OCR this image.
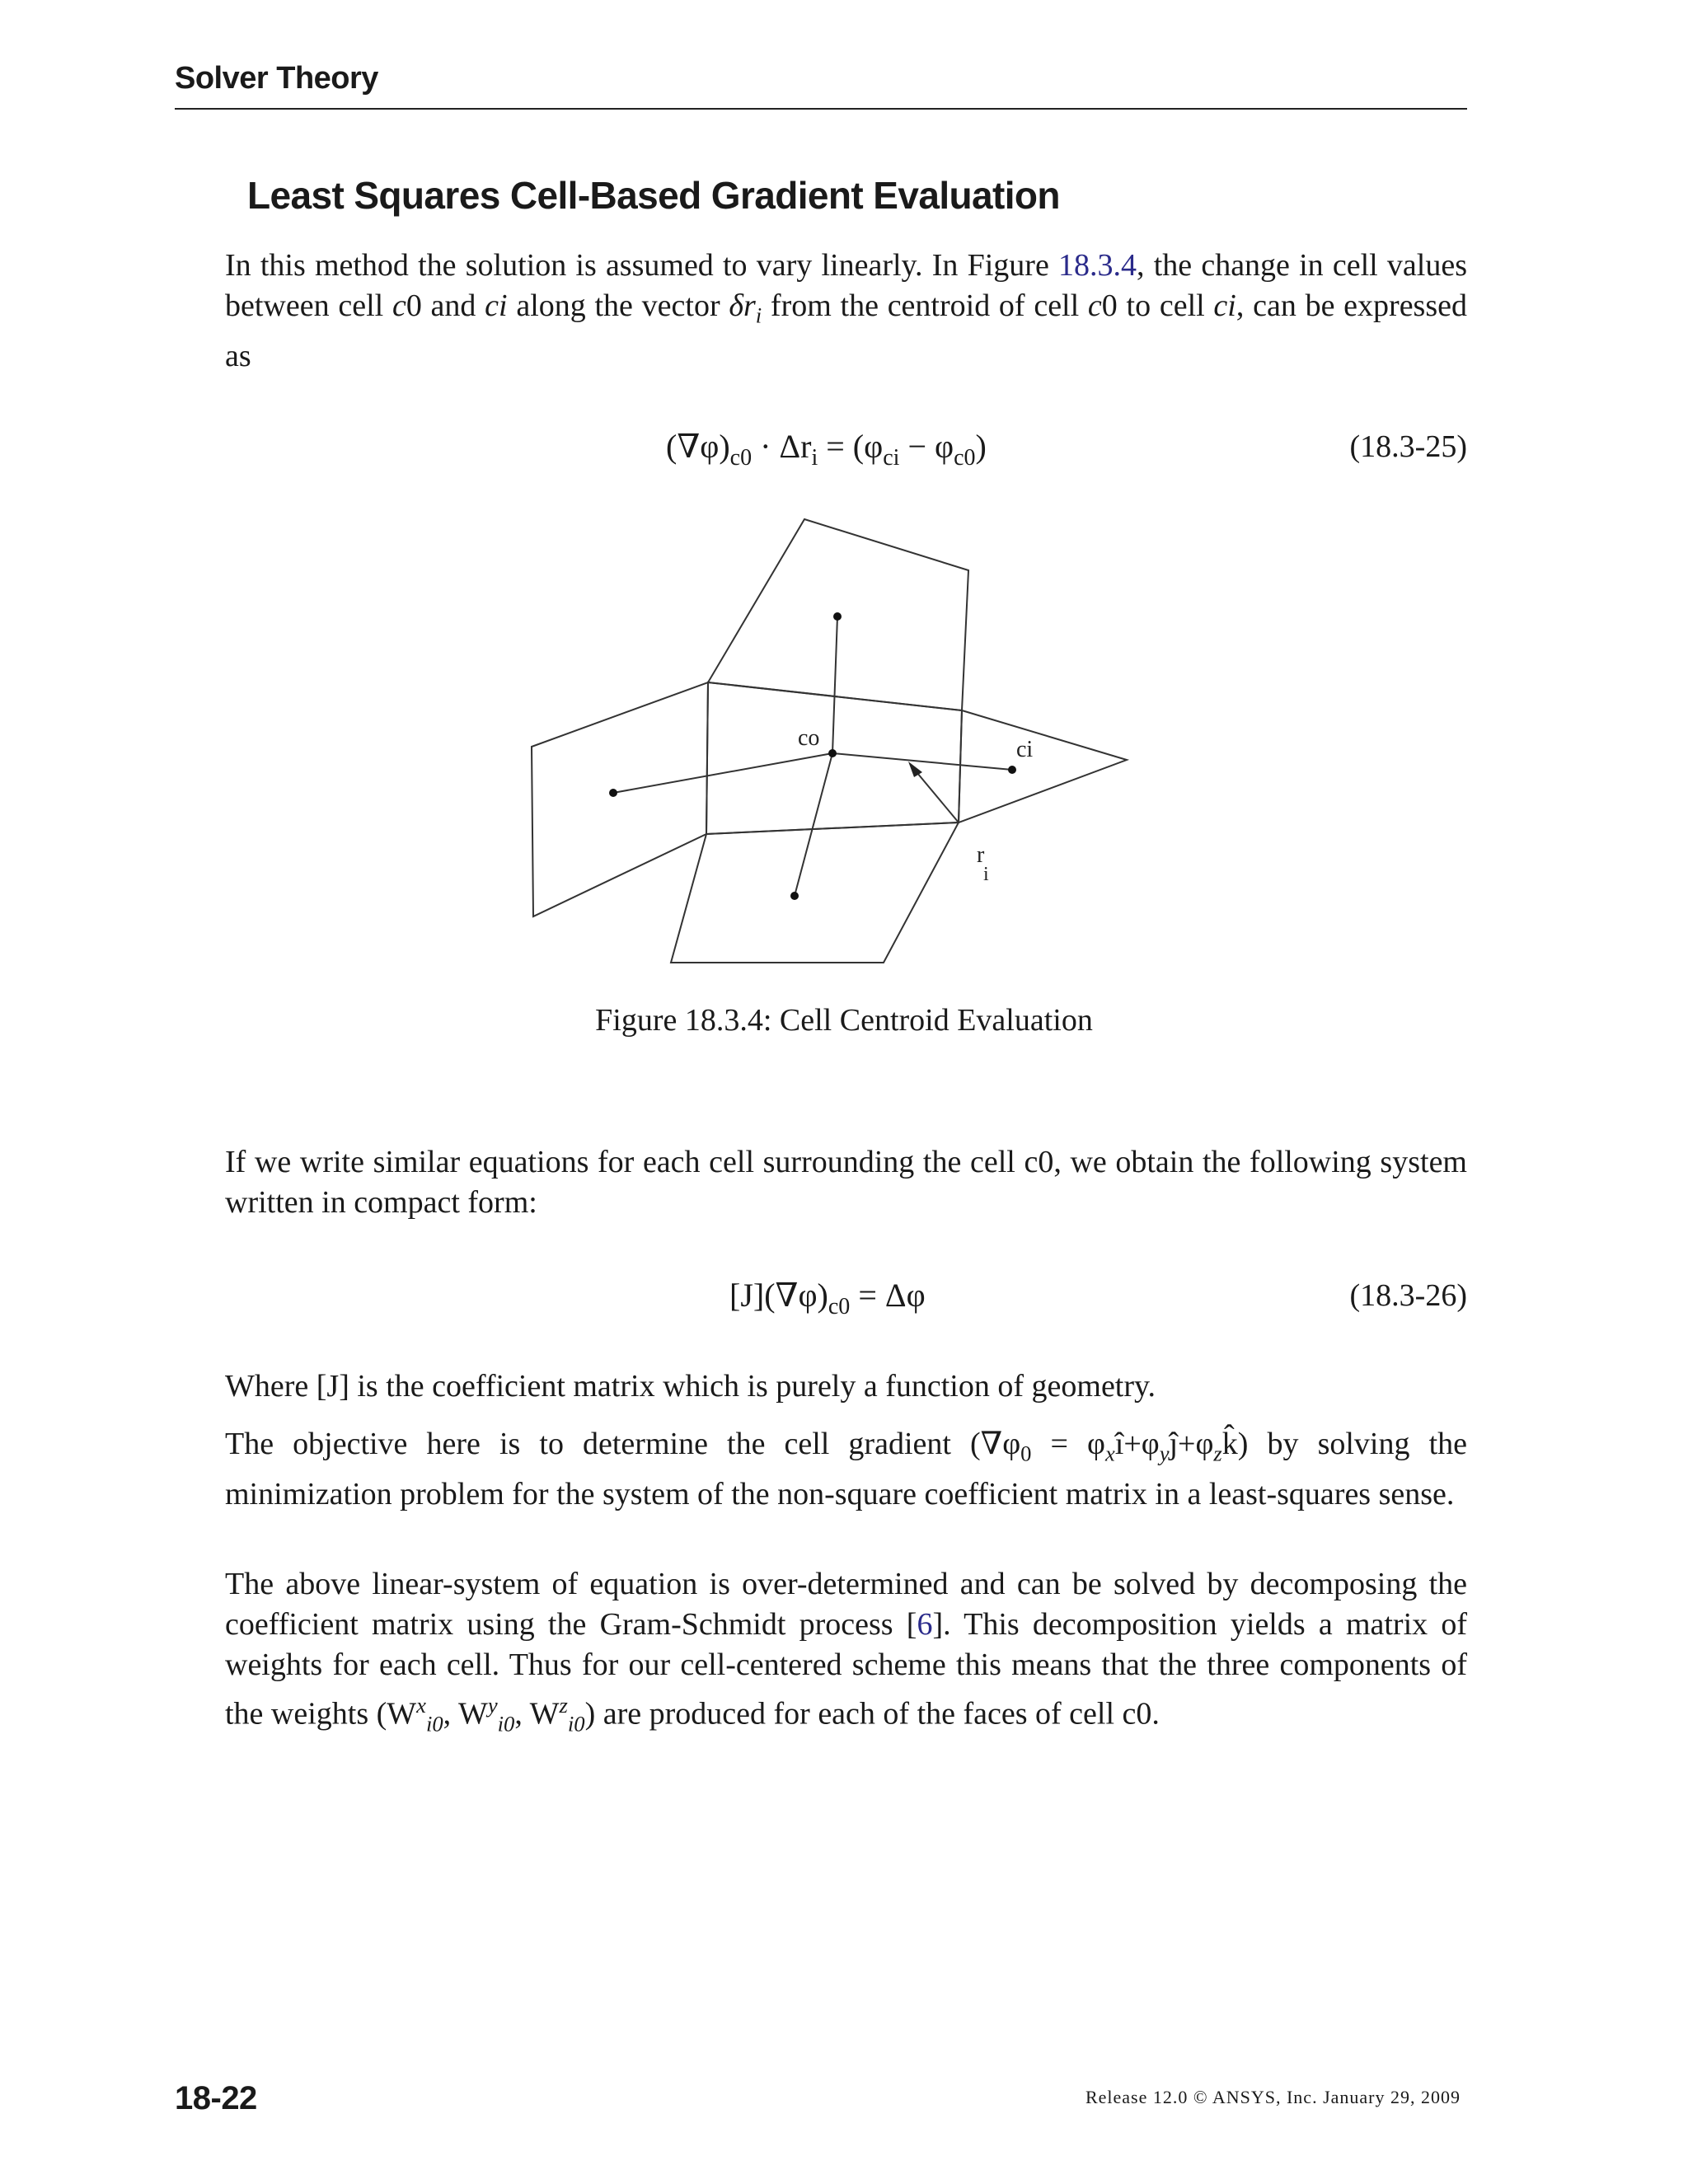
Solver Theory
Least Squares Cell-Based Gradient Evaluation
In this method the solution is assumed to vary linearly. In Figure 18.3.4, the change in cell values between cell c0 and ci along the vector $\delta r_i$ from the centroid of cell c0 to cell ci, can be expressed as
$(\nabla\varphi)_{c0} \cdot \Delta r_i = (\varphi_{ci} - \varphi_{c0})$	(18.3-25)
co	ci
r
i
Figure 18.3.4: Cell Centroid Evaluation
If we write similar equations for each cell surrounding the cell c0, we obtain the following system written in compact form:
$[J](\nabla\varphi)_{c0} = \Delta\varphi$	(18.3-26)
Where [J] is the coefficient matrix which is purely a function of geometry.
The objective here is to determine the cell gradient ($\nabla\varphi_0$ = $\varphi_xî+\varphi_yĵ+\varphi_zk̂$) by solving the minimization problem for the system of the non-square coefficient matrix in a least-squares sense.
The above linear-system of equation is over-determined and can be solved by decomposing the coefficient matrix using the Gram-Schmidt process [6]. This decomposition yields a matrix of weights for each cell. Thus for our cell-centered scheme this means that the three components of the weights ($W^x_{i0}$, $W^y_{i0}$, $W^z_{i0}$) are produced for each of the faces of cell c0.
18-22	Release 12.0 © ANSYS, Inc. January 29, 2009
